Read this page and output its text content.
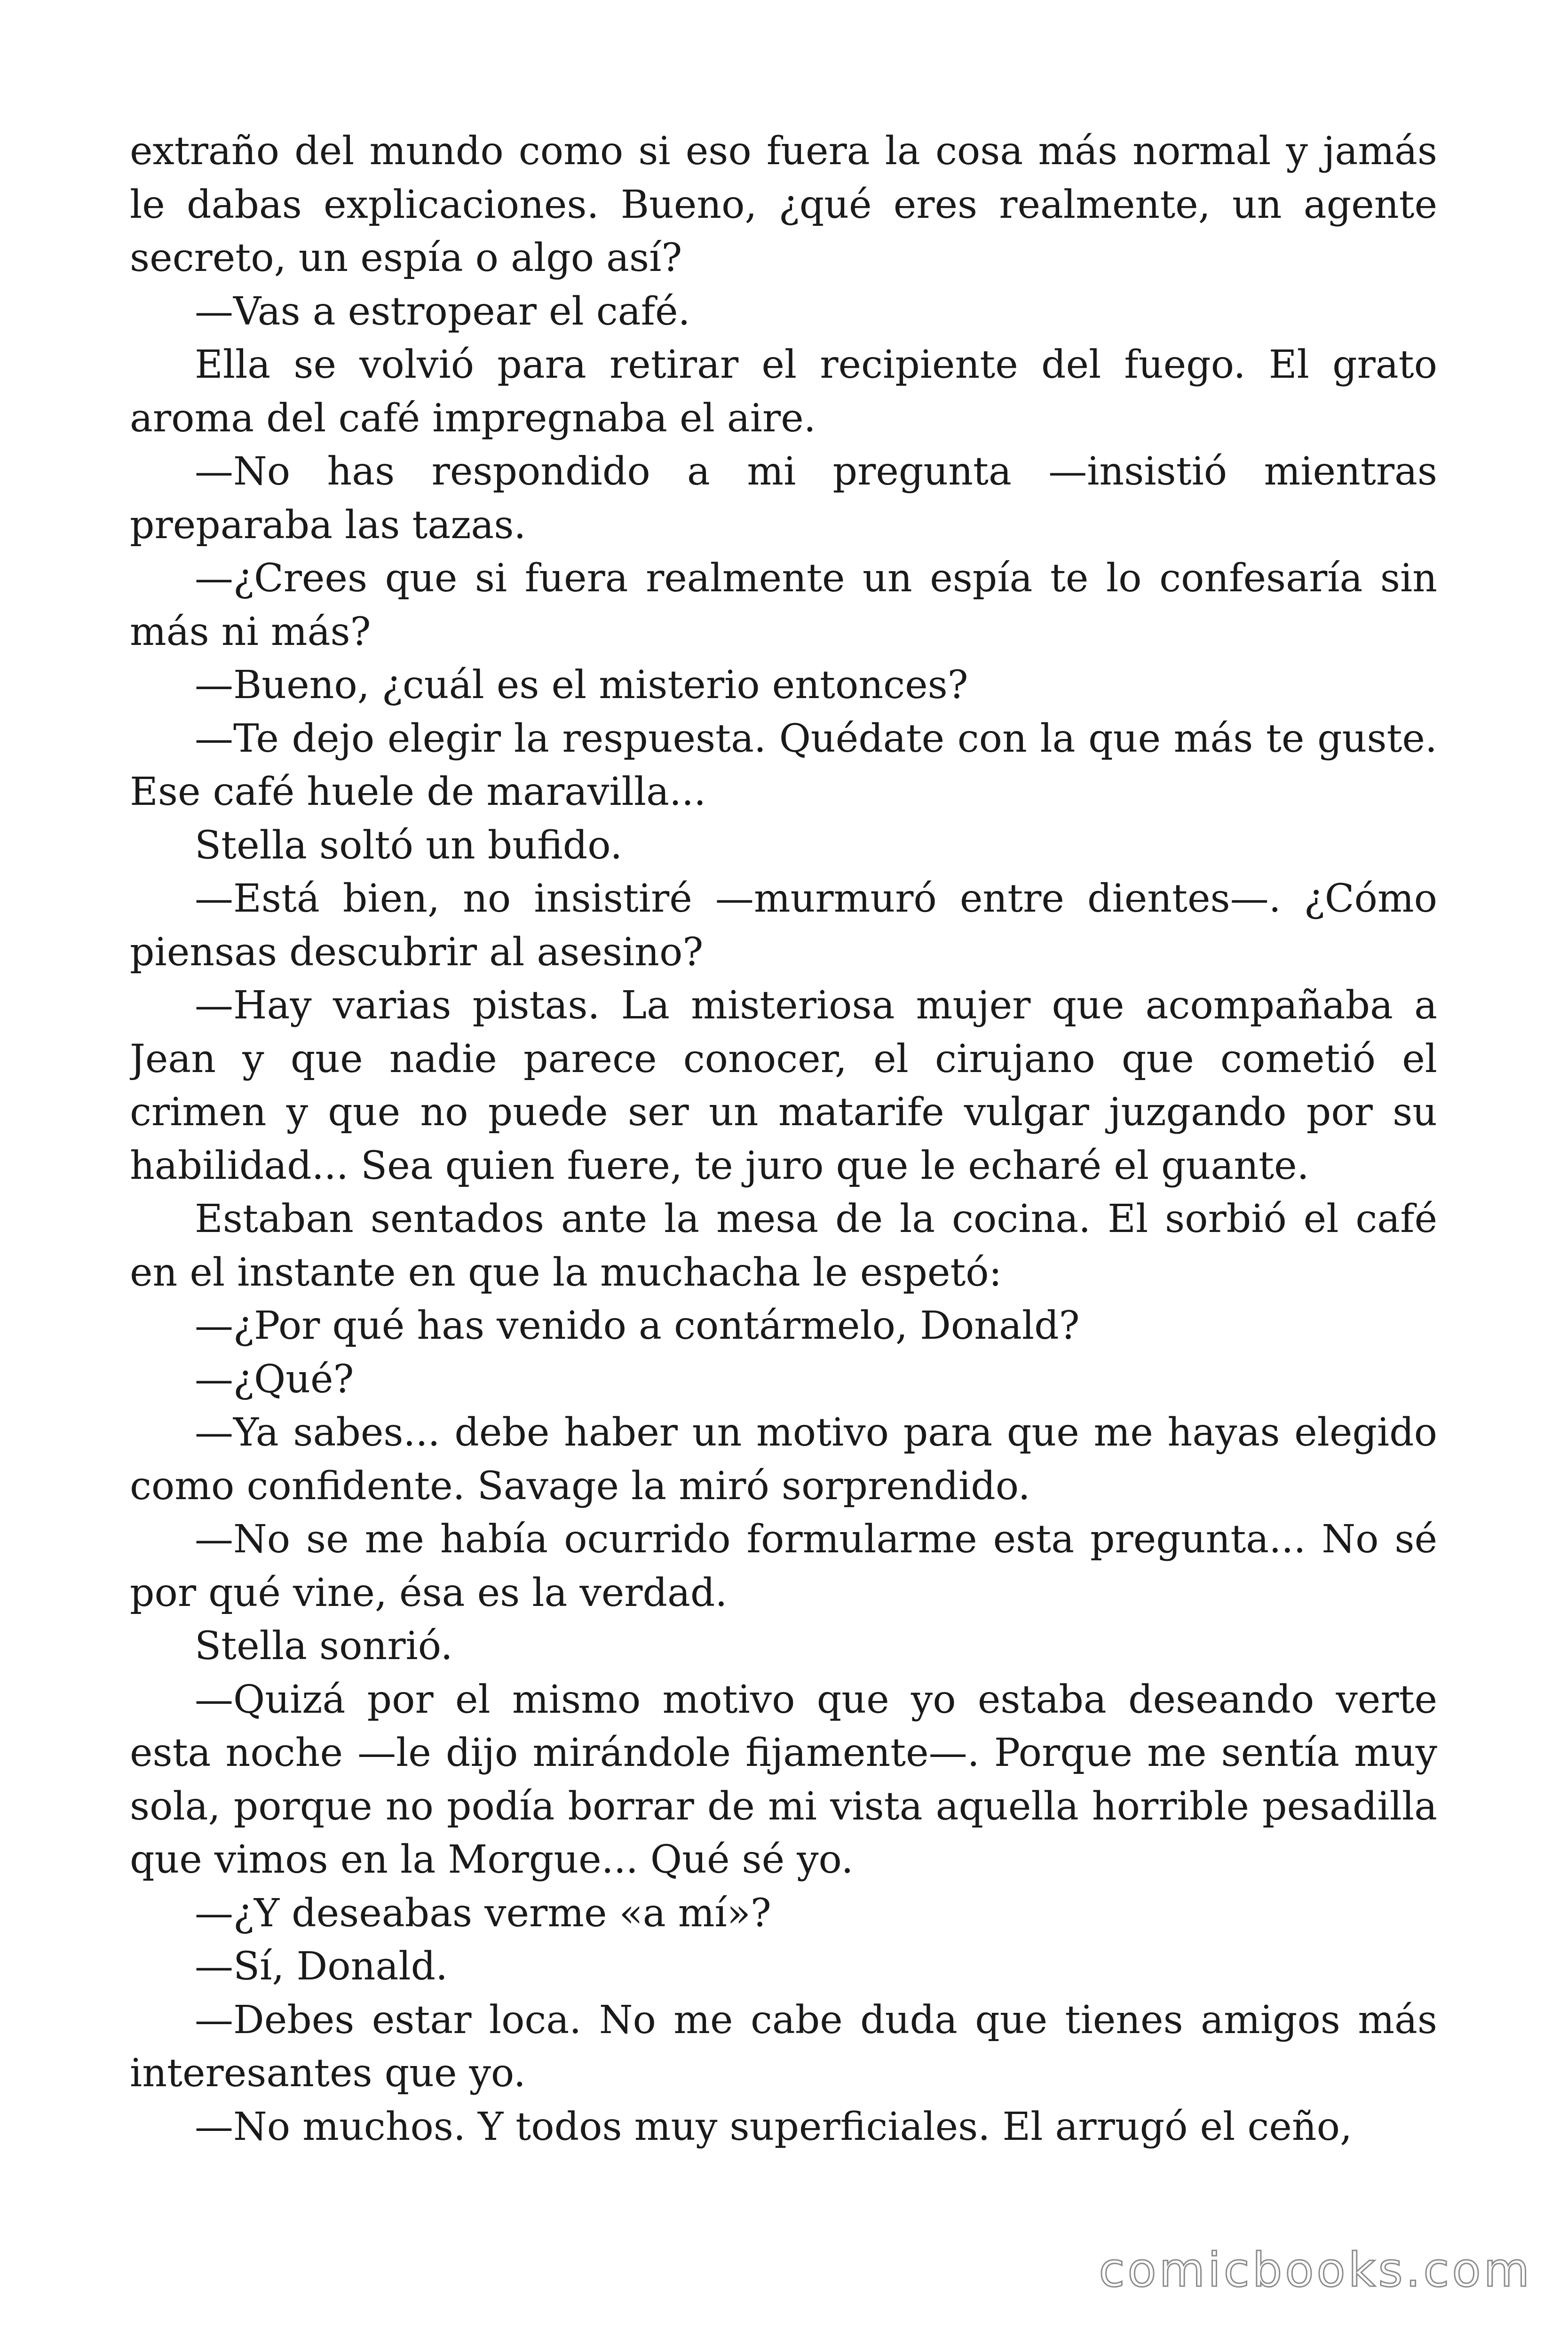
extraño del mundo como si eso fuera la cosa más normal y jamás le dabas explicaciones. Bueno, ¿qué eres realmente, un agente secreto, un espía o algo así?

—Vas a estropear el café.

Ella se volvió para retirar el recipiente del fuego. El grato aroma del café impregnaba el aire.

—No has respondido a mi pregunta —insistió mientras preparaba las tazas.

—¿Crees que si fuera realmente un espía te lo confesaría sin más ni más?

—Bueno, ¿cuál es el misterio entonces?

—Te dejo elegir la respuesta. Quédate con la que más te guste. Ese café huele de maravilla...

Stella soltó un bufido.

—Está bien, no insistiré —murmuró entre dientes—. ¿Cómo piensas descubrir al asesino?

—Hay varias pistas. La misteriosa mujer que acompañaba a Jean y que nadie parece conocer, el cirujano que cometió el crimen y que no puede ser un matarife vulgar juzgando por su habilidad... Sea quien fuere, te juro que le echaré el guante.

Estaban sentados ante la mesa de la cocina. El sorbió el café en el instante en que la muchacha le espetó:

—¿Por qué has venido a contármelo, Donald?

—¿Qué?

—Ya sabes... debe haber un motivo para que me hayas elegido como confidente. Savage la miró sorprendido.

—No se me había ocurrido formularme esta pregunta... No sé por qué vine, ésa es la verdad.

Stella sonrió.

—Quizá por el mismo motivo que yo estaba deseando verte esta noche —le dijo mirándole fijamente—. Porque me sentía muy sola, porque no podía borrar de mi vista aquella horrible pesadilla que vimos en la Morgue... Qué sé yo.

—¿Y deseabas verme «a mí»?

—Sí, Donald.

—Debes estar loca. No me cabe duda que tienes amigos más interesantes que yo.

—No muchos. Y todos muy superficiales. El arrugó el ceño,

comicbooks.com
